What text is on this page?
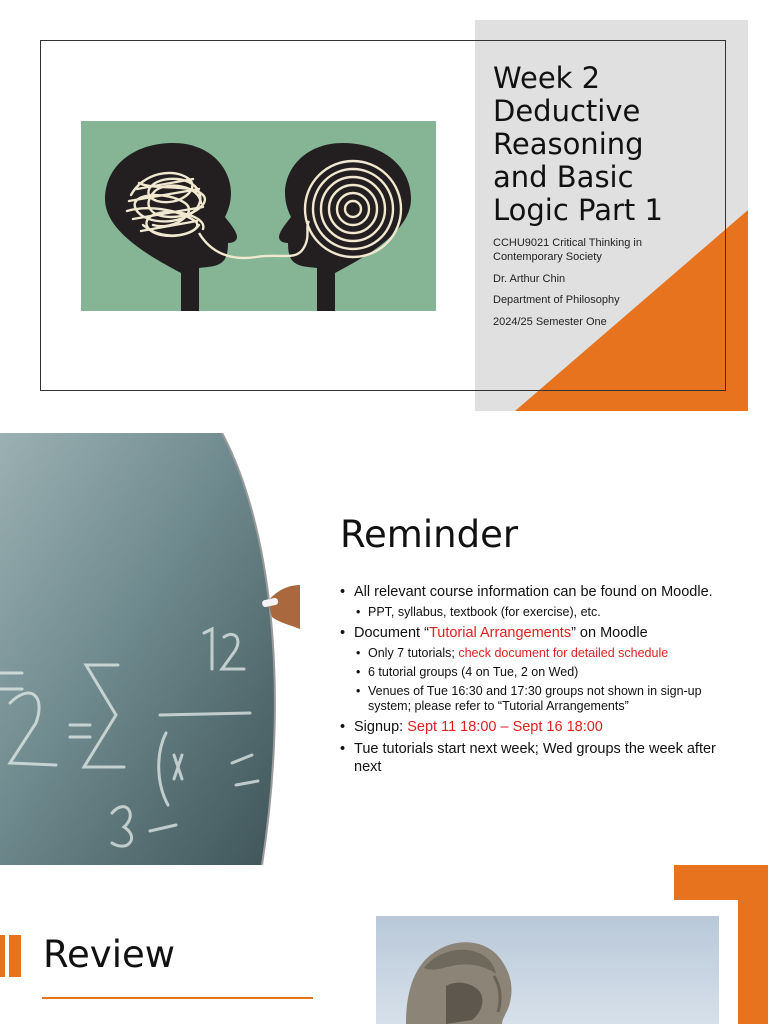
Week 2
Deductive
Reasoning
and Basic
Logic Part 1

CCHU9021 Critical Thinking in Contemporary Society

Dr. Arthur Chin

Department of Philosophy

2024/25 Semester One

Reminder
• All relevant course information can be found on Moodle.
• PPT, syllabus, textbook (for exercise), etc.
• Document “Tutorial Arrangements” on Moodle
• Only 7 tutorials; check document for detailed schedule
• 6 tutorial groups (4 on Tue, 2 on Wed)
• Venues of Tue 16:30 and 17:30 groups not shown in sign-up system; please refer to “Tutorial Arrangements”
• Signup: Sept 11 18:00 – Sept 16 18:00
• Tue tutorials start next week; Wed groups the week after next
Review
